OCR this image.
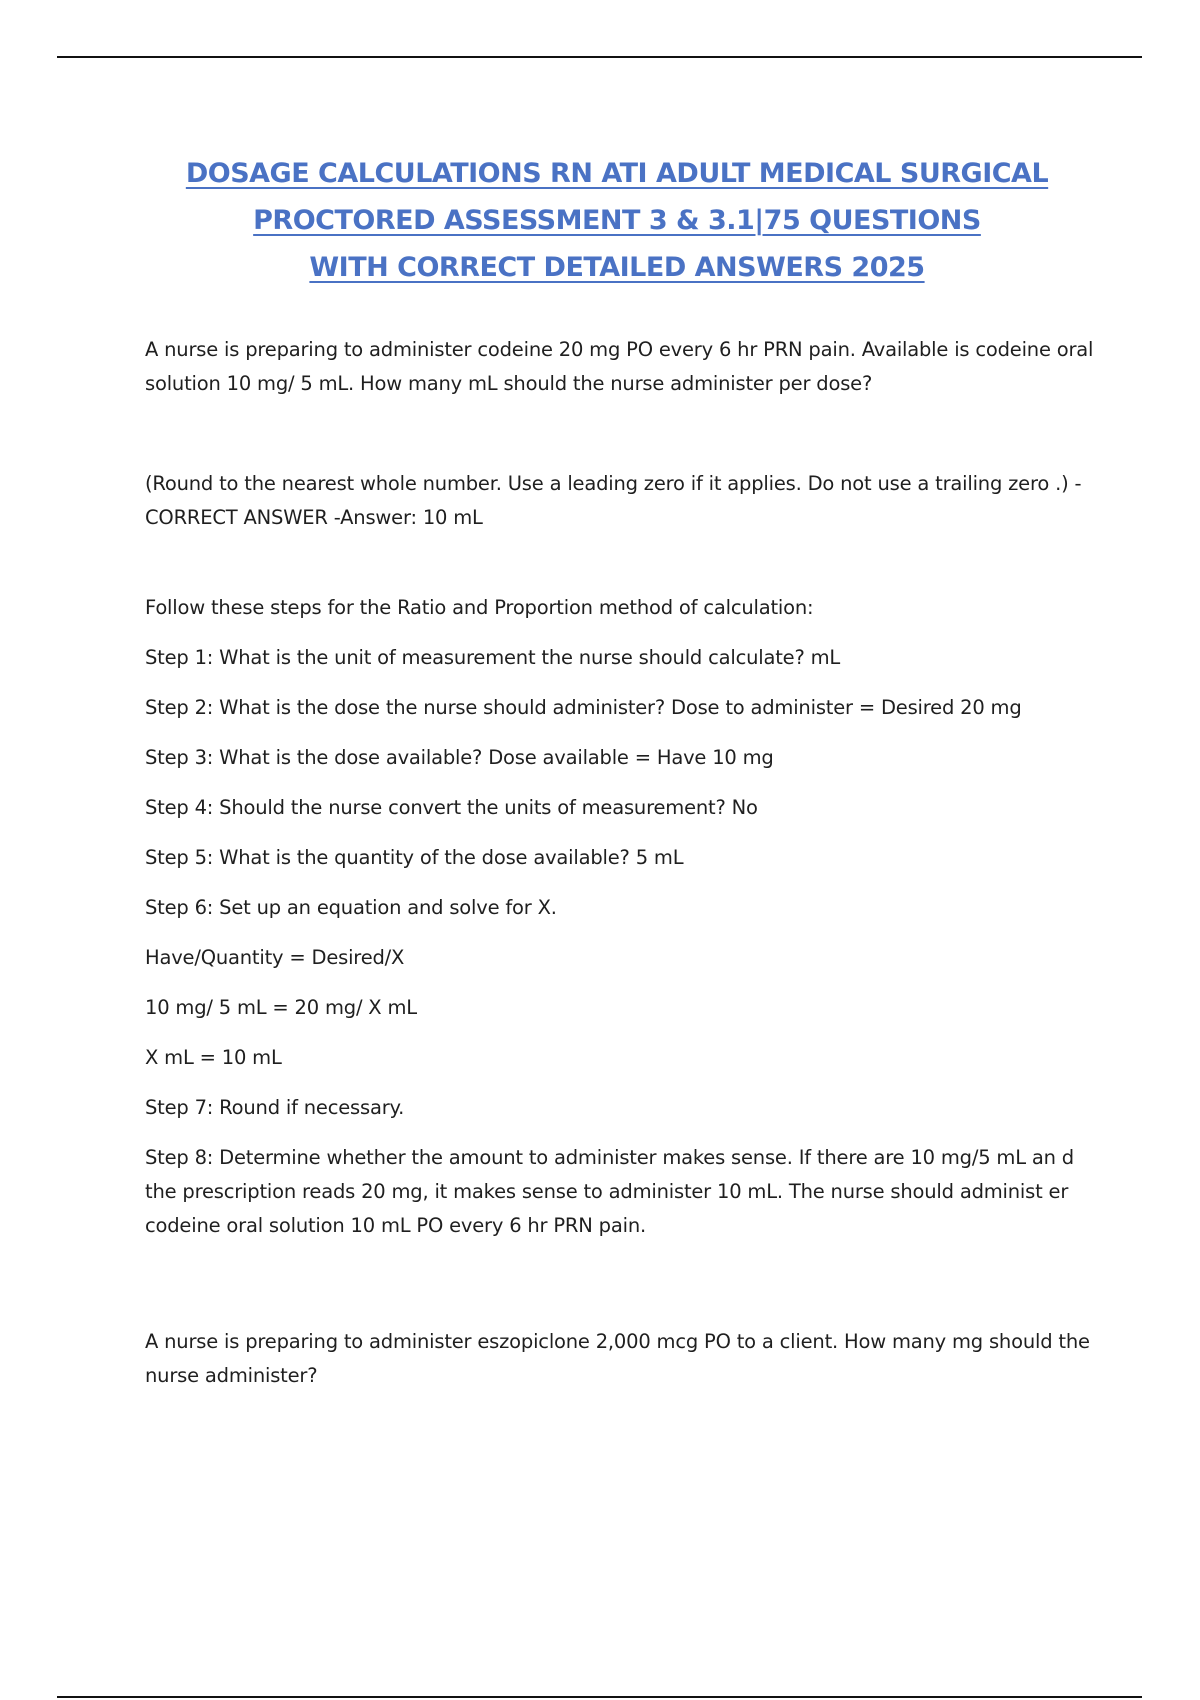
DOSAGE CALCULATIONS RN ATI ADULT MEDICAL SURGICAL
PROCTORED ASSESSMENT 3 & 3.1|75 QUESTIONS
WITH CORRECT DETAILED ANSWERS 2025

A nurse is preparing to administer codeine 20 mg PO every 6 hr PRN pain. Available is codeine oral solution 10 mg/ 5 mL. How many mL should the nurse administer per dose?

(Round to the nearest whole number. Use a leading zero if it applies. Do not use a trailing zero .) - CORRECT ANSWER -Answer: 10 mL

Follow these steps for the Ratio and Proportion method of calculation:

Step 1: What is the unit of measurement the nurse should calculate? mL

Step 2: What is the dose the nurse should administer? Dose to administer = Desired 20 mg

Step 3: What is the dose available? Dose available = Have 10 mg

Step 4: Should the nurse convert the units of measurement? No

Step 5: What is the quantity of the dose available? 5 mL

Step 6: Set up an equation and solve for X.

Have/Quantity = Desired/X

10 mg/ 5 mL = 20 mg/ X mL

X mL = 10 mL

Step 7: Round if necessary.

Step 8: Determine whether the amount to administer makes sense. If there are 10 mg/5 mL an d the prescription reads 20 mg, it makes sense to administer 10 mL. The nurse should administ er codeine oral solution 10 mL PO every 6 hr PRN pain.

A nurse is preparing to administer eszopiclone 2,000 mcg PO to a client. How many mg should the nurse administer?
